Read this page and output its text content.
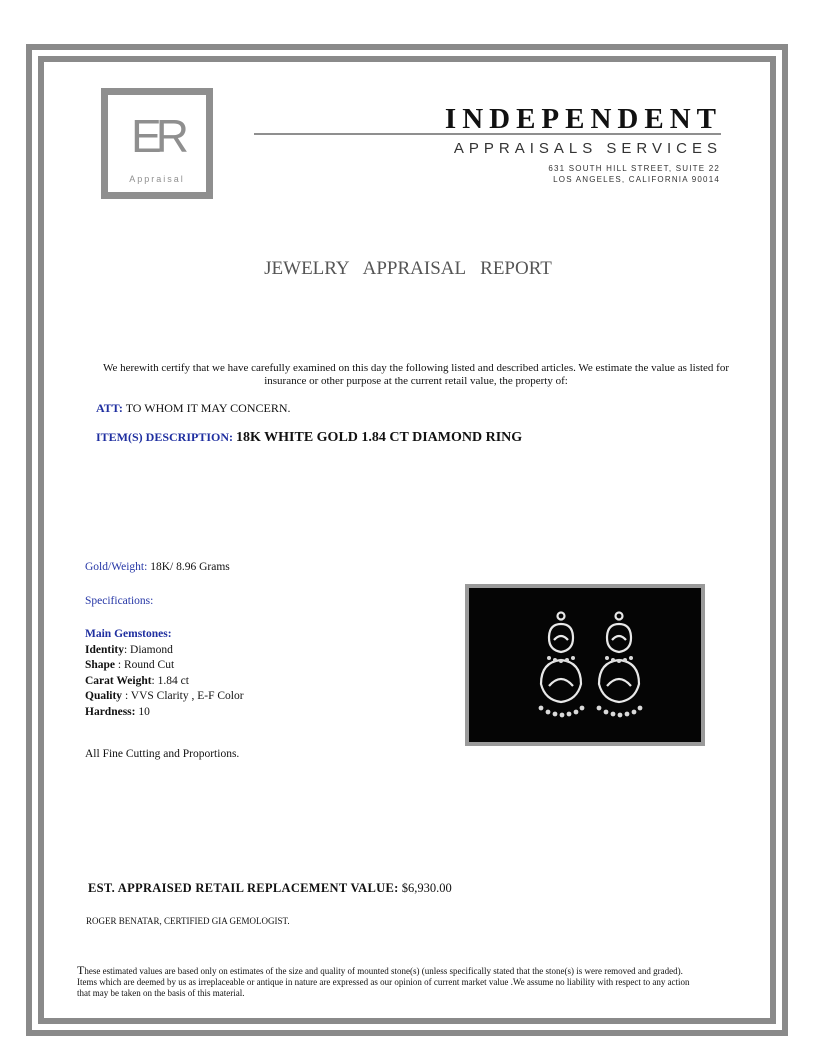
ER
Appraisal
INDEPENDENT
APPRAISALS SERVICES
631 SOUTH HILL STREET, SUITE 22
LOS ANGELES, CALIFORNIA 90014
JEWELRY APPRAISAL REPORT
We herewith certify that we have carefully examined on this day the following listed and described articles. We estimate the value as listed for insurance or other purpose at the current retail value, the property of:
ATT: TO WHOM IT MAY CONCERN.
ITEM(S) DESCRIPTION: 18K WHITE GOLD 1.84 CT DIAMOND RING
Gold/Weight: 18K/ 8.96 Grams
Specifications:
Main Gemstones:
Identity: Diamond
Shape : Round Cut
Carat Weight: 1.84 ct
Quality : VVS Clarity , E-F Color
Hardness: 10
All Fine Cutting and Proportions.
EST. APPRAISED RETAIL REPLACEMENT VALUE: $6,930.00
ROGER BENATAR, CERTIFIED GIA GEMOLOGIST.
These estimated values are based only on estimates of the size and quality of mounted stone(s) (unless specifically stated that the stone(s) is were removed and graded). Items which are deemed by us as irreplaceable or antique in nature are expressed as our opinion of current market value .We assume no liability with respect to any action that may be taken on the basis of this material.
